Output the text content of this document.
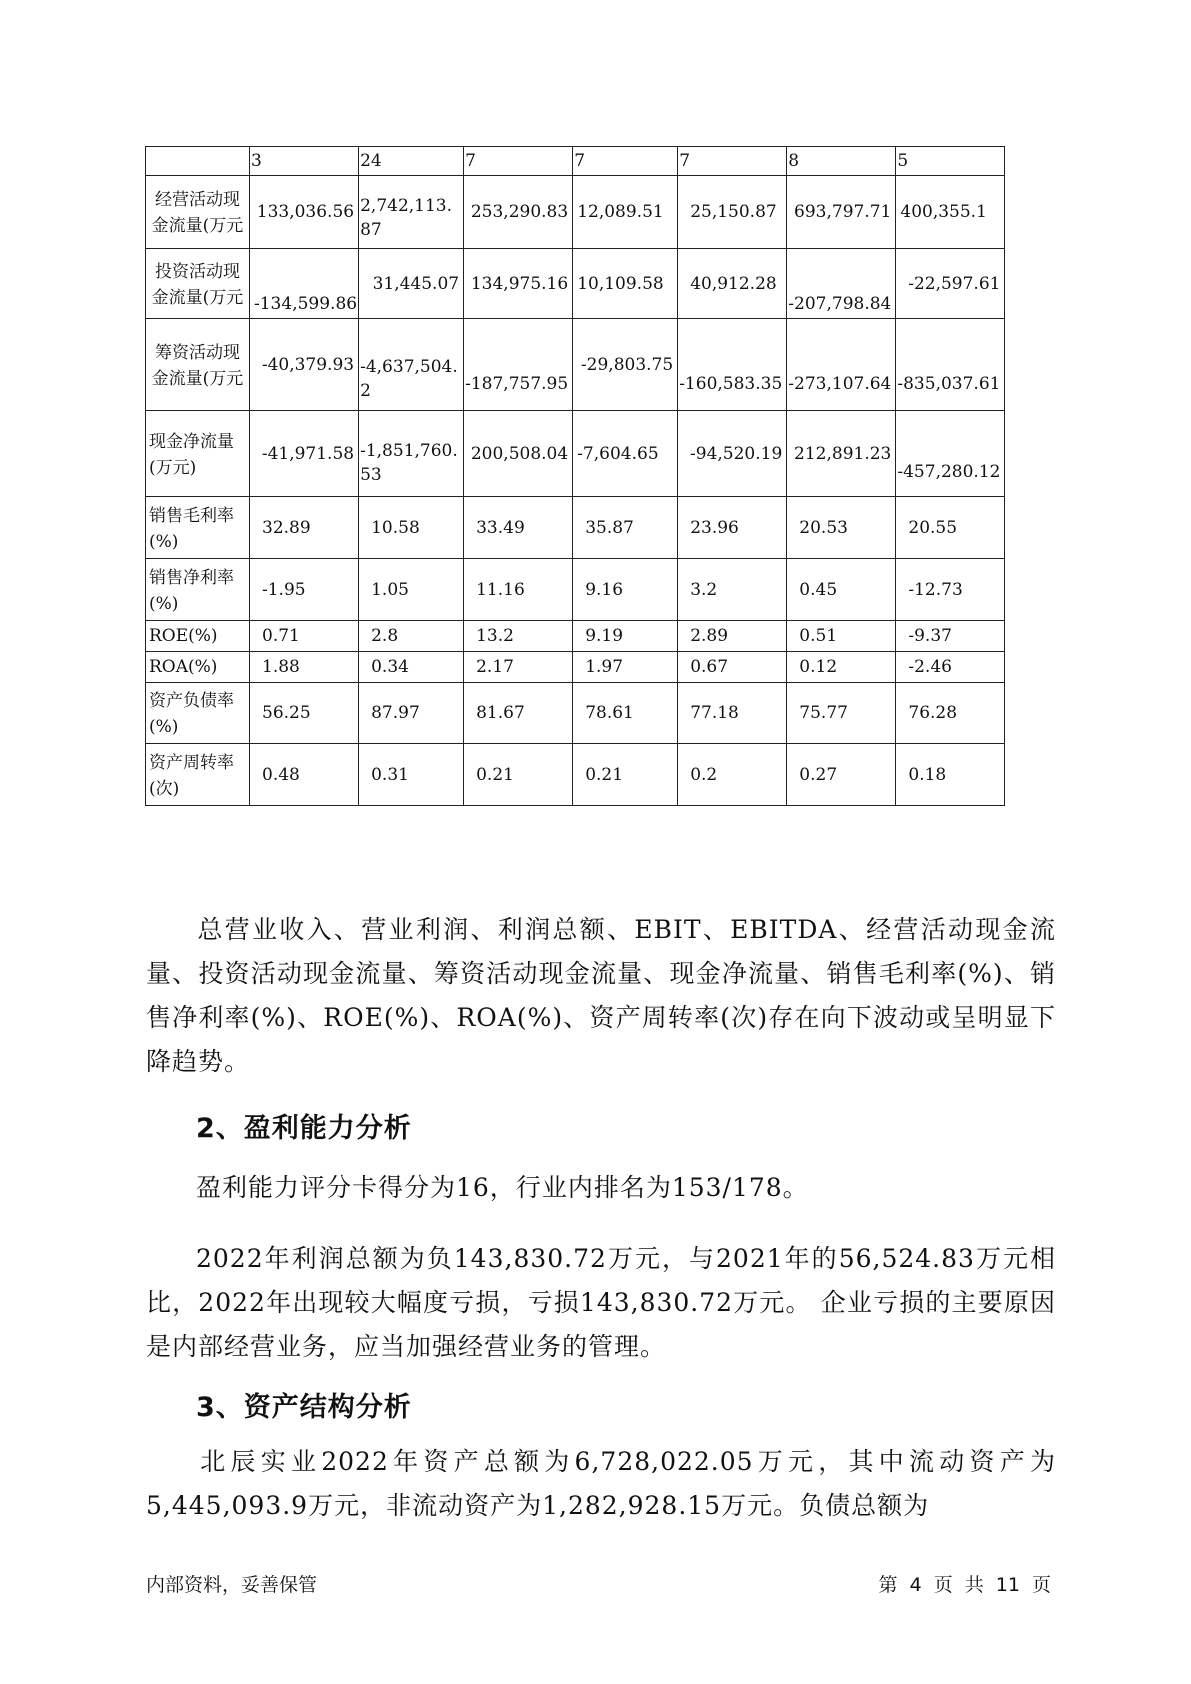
	3	24	7	7	7	8	5
经营活动现金流量(万元	133,036.56	2,742,113.87	253,290.83	12,089.51	25,150.87	693,797.71	400,355.1
投资活动现金流量(万元	-134,599.86	31,445.07	134,975.16	10,109.58	40,912.28	-207,798.84	-22,597.61
筹资活动现金流量(万元	-40,379.93	-4,637,504.2	-187,757.95	-29,803.75	-160,583.35	-273,107.64	-835,037.61
现金净流量(万元)	-41,971.58	-1,851,760.53	200,508.04	-7,604.65	-94,520.19	212,891.23	-457,280.12
销售毛利率(%)	32.89	10.58	33.49	35.87	23.96	20.53	20.55
销售净利率(%)	-1.95	1.05	11.16	9.16	3.2	0.45	-12.73
ROE(%)	0.71	2.8	13.2	9.19	2.89	0.51	-9.37
ROA(%)	1.88	0.34	2.17	1.97	0.67	0.12	-2.46
资产负债率(%)	56.25	87.97	81.67	78.61	77.18	75.77	76.28
资产周转率(次)	0.48	0.31	0.21	0.21	0.2	0.27	0.18
总营业收入、营业利润、利润总额、EBIT、EBITDA、经营活动现金流量、投资活动现金流量、筹资活动现金流量、现金净流量、销售毛利率(%)、销售净利率(%)、ROE(%)、ROA(%)、资产周转率(次)存在向下波动或呈明显下降趋势。
2、盈利能力分析
盈利能力评分卡得分为16，行业内排名为153/178。
2022年利润总额为负143,830.72万元，与2021年的56,524.83万元相比，2022年出现较大幅度亏损，亏损143,830.72万元。 企业亏损的主要原因是内部经营业务，应当加强经营业务的管理。
3、资产结构分析
北辰实业2022年资产总额为6,728,022.05万元，其中流动资产为5,445,093.9万元，非流动资产为1,282,928.15万元。负债总额为
内部资料，妥善保管	第 4 页 共 11 页
